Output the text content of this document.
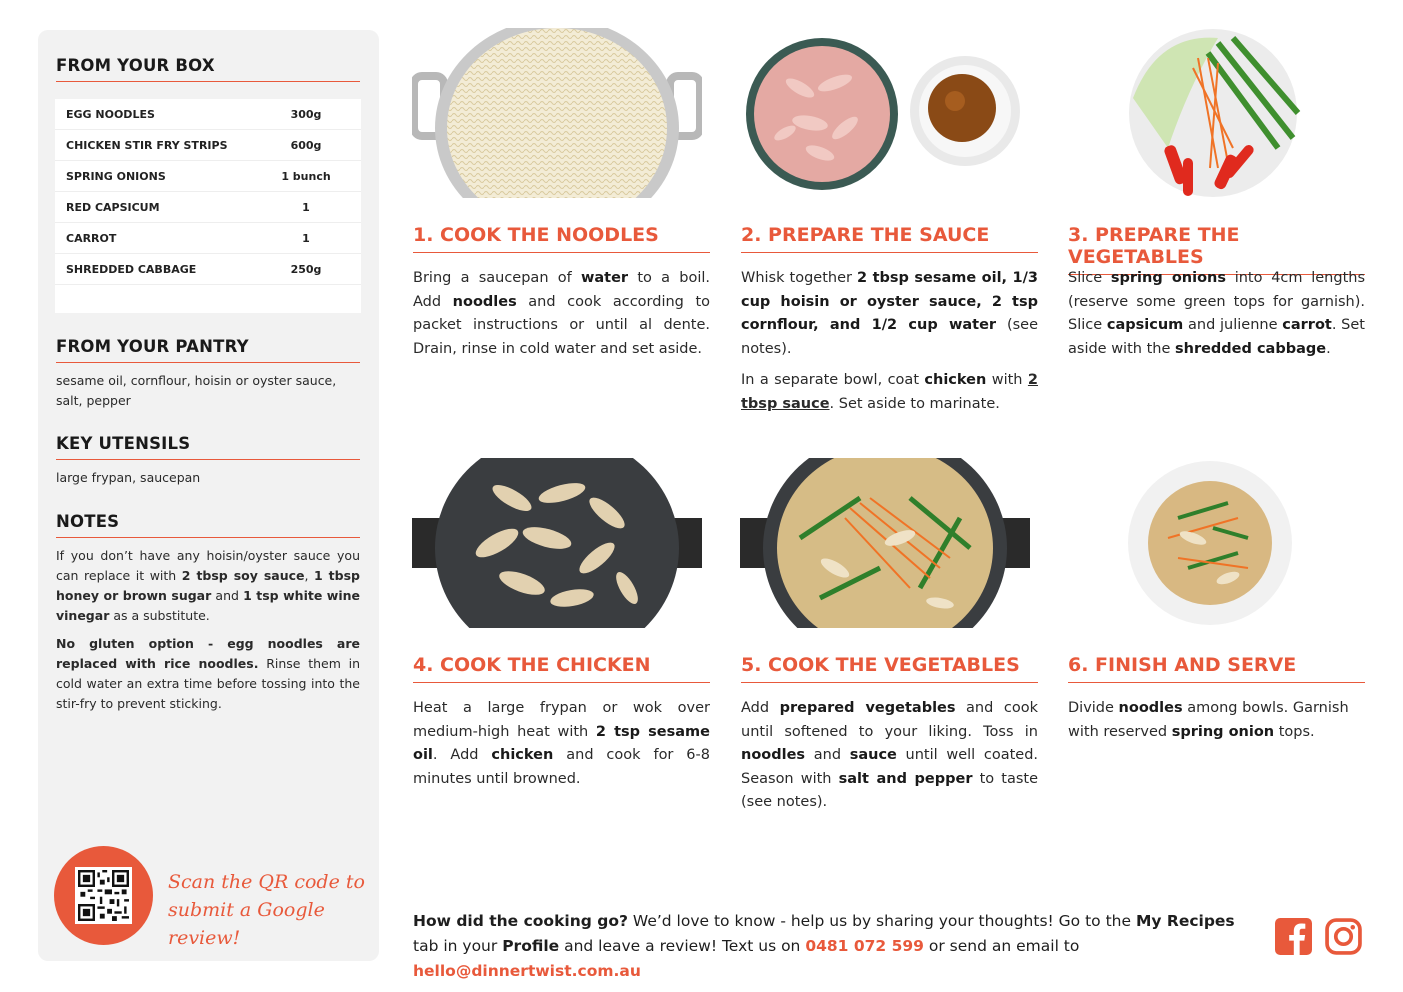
FROM YOUR BOX
EGG NOODLES	300g
CHICKEN STIR FRY STRIPS	600g
SPRING ONIONS	1 bunch
RED CAPSICUM	1
CARROT	1
SHREDDED CABBAGE	250g
FROM YOUR PANTRY
sesame oil, cornflour, hoisin or oyster sauce, salt, pepper
KEY UTENSILS
large frypan, saucepan
NOTES
If you don’t have any hoisin/oyster sauce you can replace it with 2 tbsp soy sauce, 1 tbsp honey or brown sugar and 1 tsp white wine vinegar as a substitute.
No gluten option - egg noodles are replaced with rice noodles. Rinse them in cold water an extra time before tossing into the stir-fry to prevent sticking.
Scan the QR code to submit a Google review!
1. COOK THE NOODLES

Bring a saucepan of water to a boil. Add noodles and cook according to packet instructions or until al dente. Drain, rinse in cold water and set aside.

2. PREPARE THE SAUCE

Whisk together 2 tbsp sesame oil, 1/3 cup hoisin or oyster sauce, 2 tsp cornflour, and 1/2 cup water (see notes).

In a separate bowl, coat chicken with 2 tbsp sauce. Set aside to marinate.

3. PREPARE THE VEGETABLES

Slice spring onions into 4cm lengths (reserve some green tops for garnish). Slice capsicum and julienne carrot. Set aside with the shredded cabbage.

4. COOK THE CHICKEN

Heat a large frypan or wok over medium-high heat with 2 tsp sesame oil. Add chicken and cook for 6-8 minutes until browned.

5. COOK THE VEGETABLES

Add prepared vegetables and cook until softened to your liking. Toss in noodles and sauce until well coated. Season with salt and pepper to taste (see notes).

6. FINISH AND SERVE

Divide noodles among bowls. Garnish with reserved spring onion tops.

How did the cooking go? We’d love to know - help us by sharing your thoughts! Go to the My Recipes tab in your Profile and leave a review! Text us on 0481 072 599 or send an email to hello@dinnertwist.com.au
